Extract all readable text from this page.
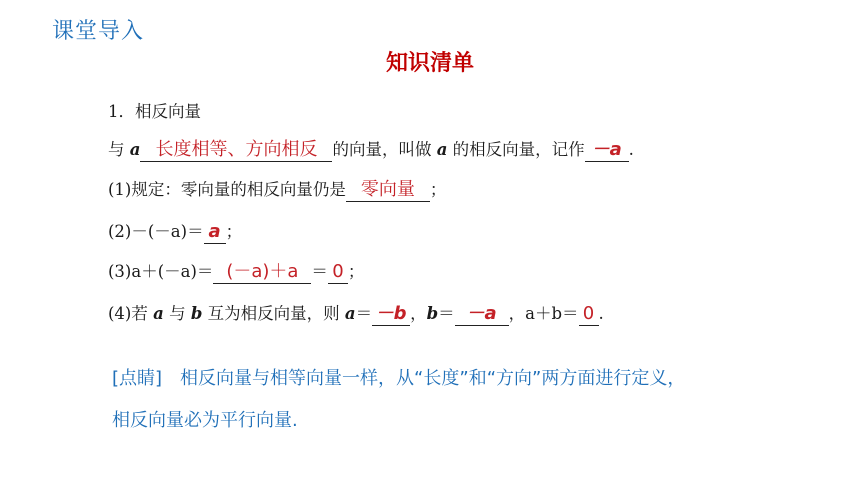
课堂导入
知识清单
1．相反向量
与 a 长度相等、方向相反 的向量，叫做 a 的相反向量，记作 －a .
(1)规定：零向量的相反向量仍是 零向量 ；
(2)－(－a)＝ a ；
(3)a＋(－a)＝ (－a)＋a ＝ 0 ；
(4)若 a 与 b 互为相反向量，则 a＝ －b ，b＝ －a ，a＋b＝ 0 .
[点睛]　相反向量与相等向量一样，从“长度”和“方向”两方面进行定义，
相反向量必为平行向量.
